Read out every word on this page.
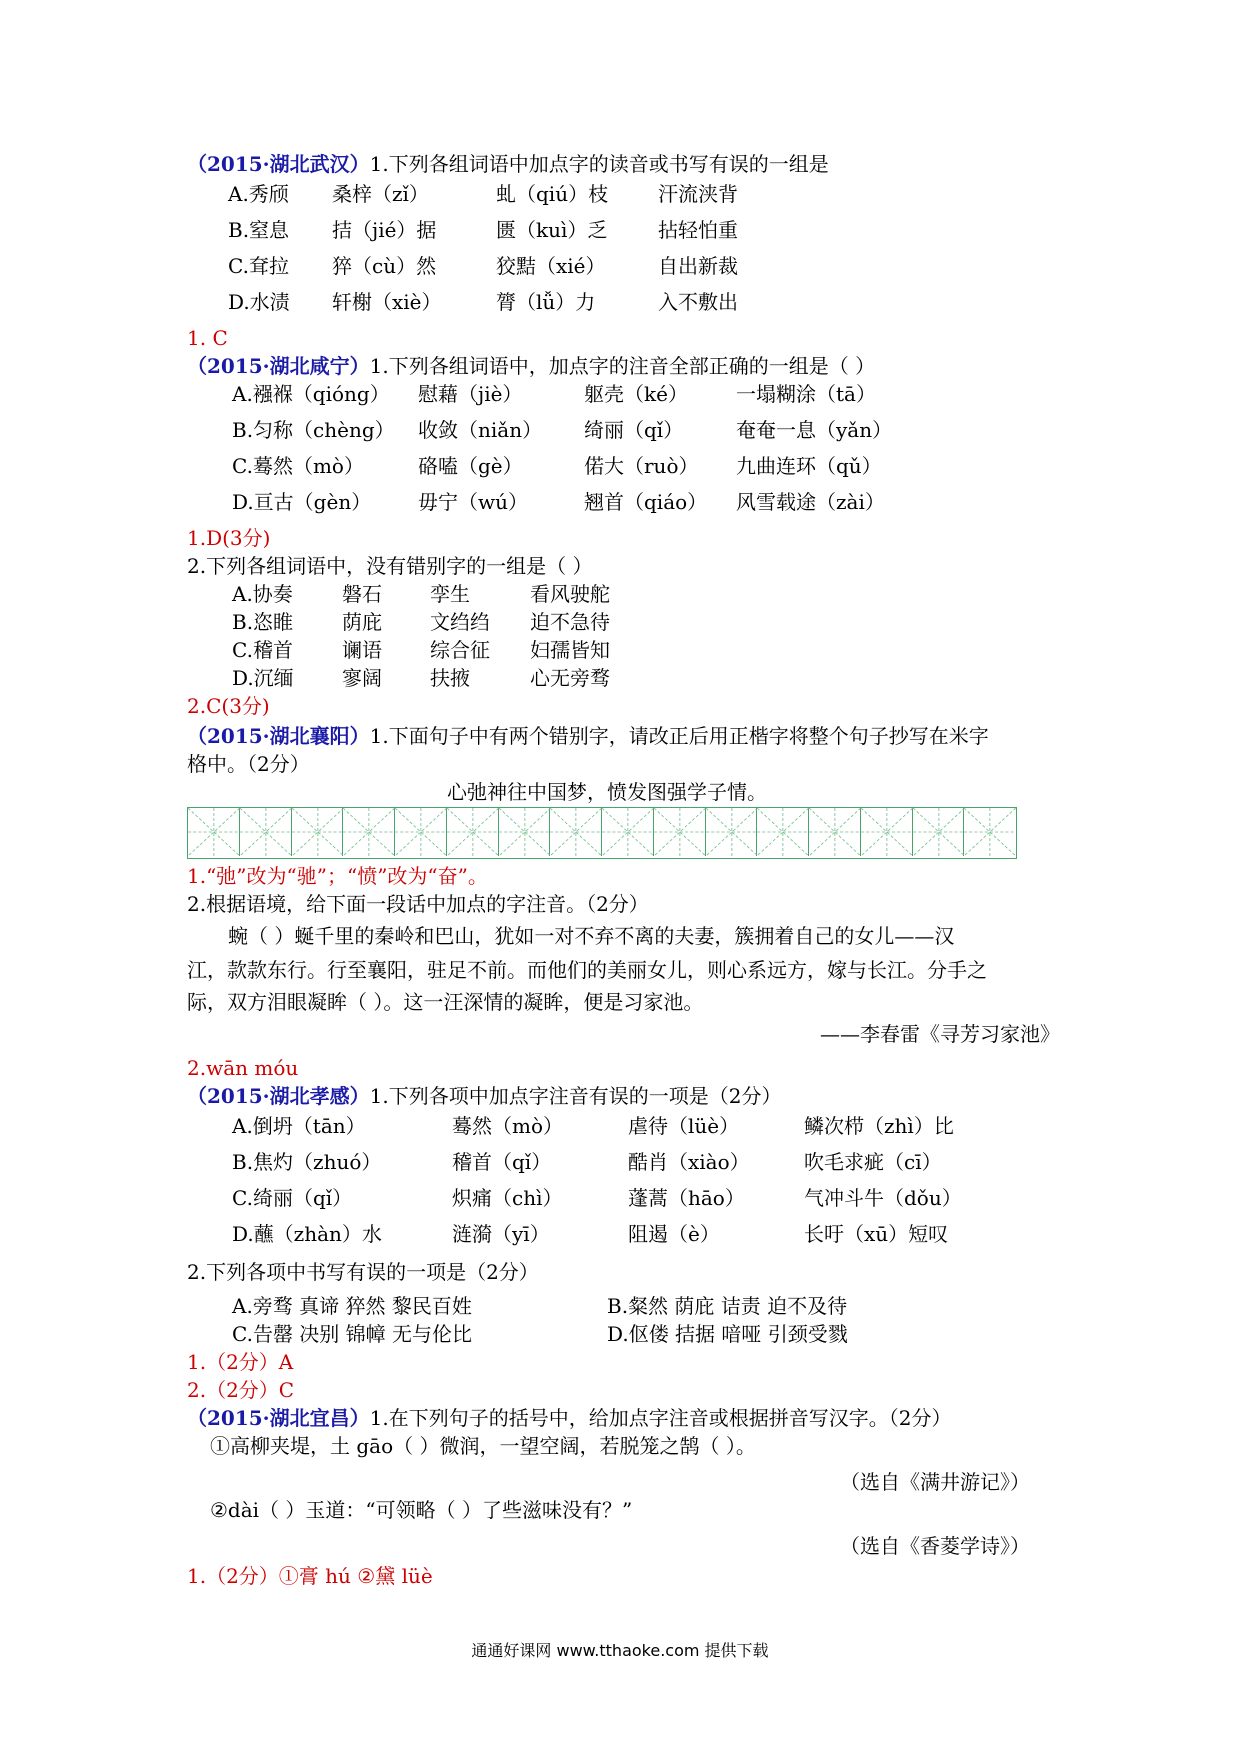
（2015·湖北武汉）1.下列各组词语中加点字的读音或书写有误的一组是
A.秀颀 桑梓（zǐ）	虬（qiú）枝 汗流浃背
B.窒息 拮（jié）据	匮（kuì）乏	拈轻怕重
C.耷拉 猝（cù）然	狡黠（xié）	自出新裁
D.水渍 轩榭（xiè）	膂（lǚ）力	入不敷出
1. C
（2015·湖北咸宁）1.下列各组词语中，加点字的注音全部正确的一组是（ ）
A.襁褓（qióng） 慰藉（jiè）	躯壳（ké） 一塌糊涂（tā）
B.匀称（chèng） 收敛（niǎn） 绮丽（qǐ）	奄奄一息（yǎn）
C.蓦然（mò）	硌嗑（gè）	偌大（ruò） 九曲连环（qǔ）
D.亘古（gèn） 毋宁（wú）	翘首（qiáo） 风雪载途（zài）
1.D(3分)
2.下列各组词语中，没有错别字的一组是（ ）
A.协奏 磐石 孪生	看风驶舵
B.恣睢 荫庇 文绉绉 迫不急待
C.稽首 谰语 综合征 妇孺皆知
D.沉缅 寥阔 扶掖	心无旁骛
2.C(3分)
（2015·湖北襄阳）1.下面句子中有两个错别字，请改正后用正楷字将整个句子抄写在米字
格中。（2分）
心弛神往中国梦，愤发图强学子情。
1.“弛”改为“驰”；“愤”改为“奋”。
2.根据语境，给下面一段话中加点的字注音。（2分）
蜿（ ）蜒千里的秦岭和巴山，犹如一对不弃不离的夫妻，簇拥着自己的女儿——汉
江，款款东行。行至襄阳，驻足不前。而他们的美丽女儿，则心系远方，嫁与长江。分手之
际，双方泪眼凝眸（ ）。这一汪深情的凝眸，便是习家池。
——李春雷《寻芳习家池》
2.wān móu
（2015·湖北孝感）1.下列各项中加点字注音有误的一项是（2分）
A.倒坍（tān）	蓦然（mò）	虐待（lüè）	鳞次栉（zhì）比
B.焦灼（zhuó）	稽首（qǐ）	酷肖（xiào）	吹毛求疵（cī）
C.绮丽（qǐ）	炽痛（chì）	蓬蒿（hāo）	气冲斗牛（dǒu）
D.蘸（zhàn）水	涟漪（yī）	阻遏（è）	长吁（xū）短叹
2.下列各项中书写有误的一项是（2分）
A.旁骛 真谛 猝然 黎民百姓	B.粲然 荫庇 诘责 迫不及待
C.告罄 决别 锦幛 无与伦比	D.伛偻 拮据 喑哑 引颈受戮
1.（2分）A
2.（2分）C
（2015·湖北宜昌）1.在下列句子的括号中，给加点字注音或根据拼音写汉字。（2分）
①高柳夹堤，土 gāo（ ）微润，一望空阔，若脱笼之鹄（ ）。
（选自《满井游记》）
②dài（ ）玉道：“可领略（ ）了些滋味没有？”
（选自《香菱学诗》）
1.（2分）①膏 hú ②黛 lüè
通通好课网 www.tthaoke.com 提供下载
